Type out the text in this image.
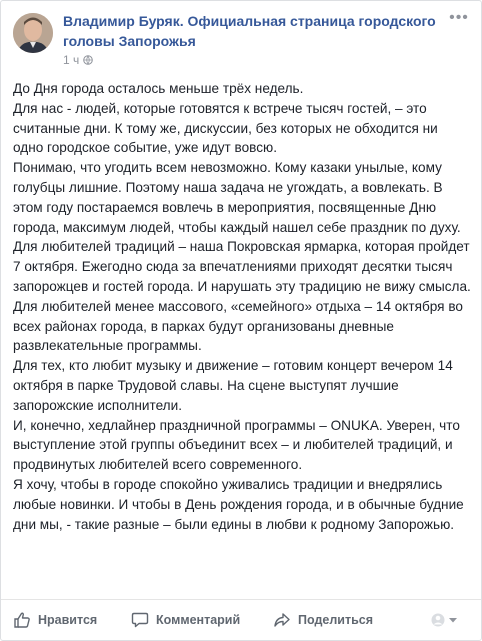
Владимир Буряк. Официальная страница городского головы Запорожья
1 ч
•••

До Дня города осталось меньше трёх недель.

Для нас - людей, которые готовятся к встрече тысяч гостей, – это считанные дни. К тому же, дискуссии, без которых не обходится ни одно городское событие, уже идут вовсю.

Понимаю, что угодить всем невозможно. Кому казаки унылые, кому голубцы лишние. Поэтому наша задача не угождать, а вовлекать. В этом году постараемся вовлечь в мероприятия, посвященные Дню города, максимум людей, чтобы каждый нашел себе праздник по духу.

Для любителей традиций – наша Покровская ярмарка, которая пройдет 7 октября. Ежегодно сюда за впечатлениями приходят десятки тысяч запорожцев и гостей города. И нарушать эту традицию не вижу смысла.

Для любителей менее массового, «семейного» отдыха – 14 октября во всех районах города, в парках будут организованы дневные развлекательные программы.

Для тех, кто любит музыку и движение – готовим концерт вечером 14 октября в парке Трудовой славы. На сцене выступят лучшие запорожские исполнители.

И, конечно, хедлайнер праздничной программы – ONUKA. Уверен, что выступление этой группы объединит всех – и любителей традиций, и продвинутых любителей всего современного.

Я хочу, чтобы в городе спокойно уживались традиции и внедрялись любые новинки. И чтобы в День рождения города, и в обычные будние дни мы, - такие разные – были едины в любви к родному Запорожью.

Нравится	Комментарий	Поделиться
